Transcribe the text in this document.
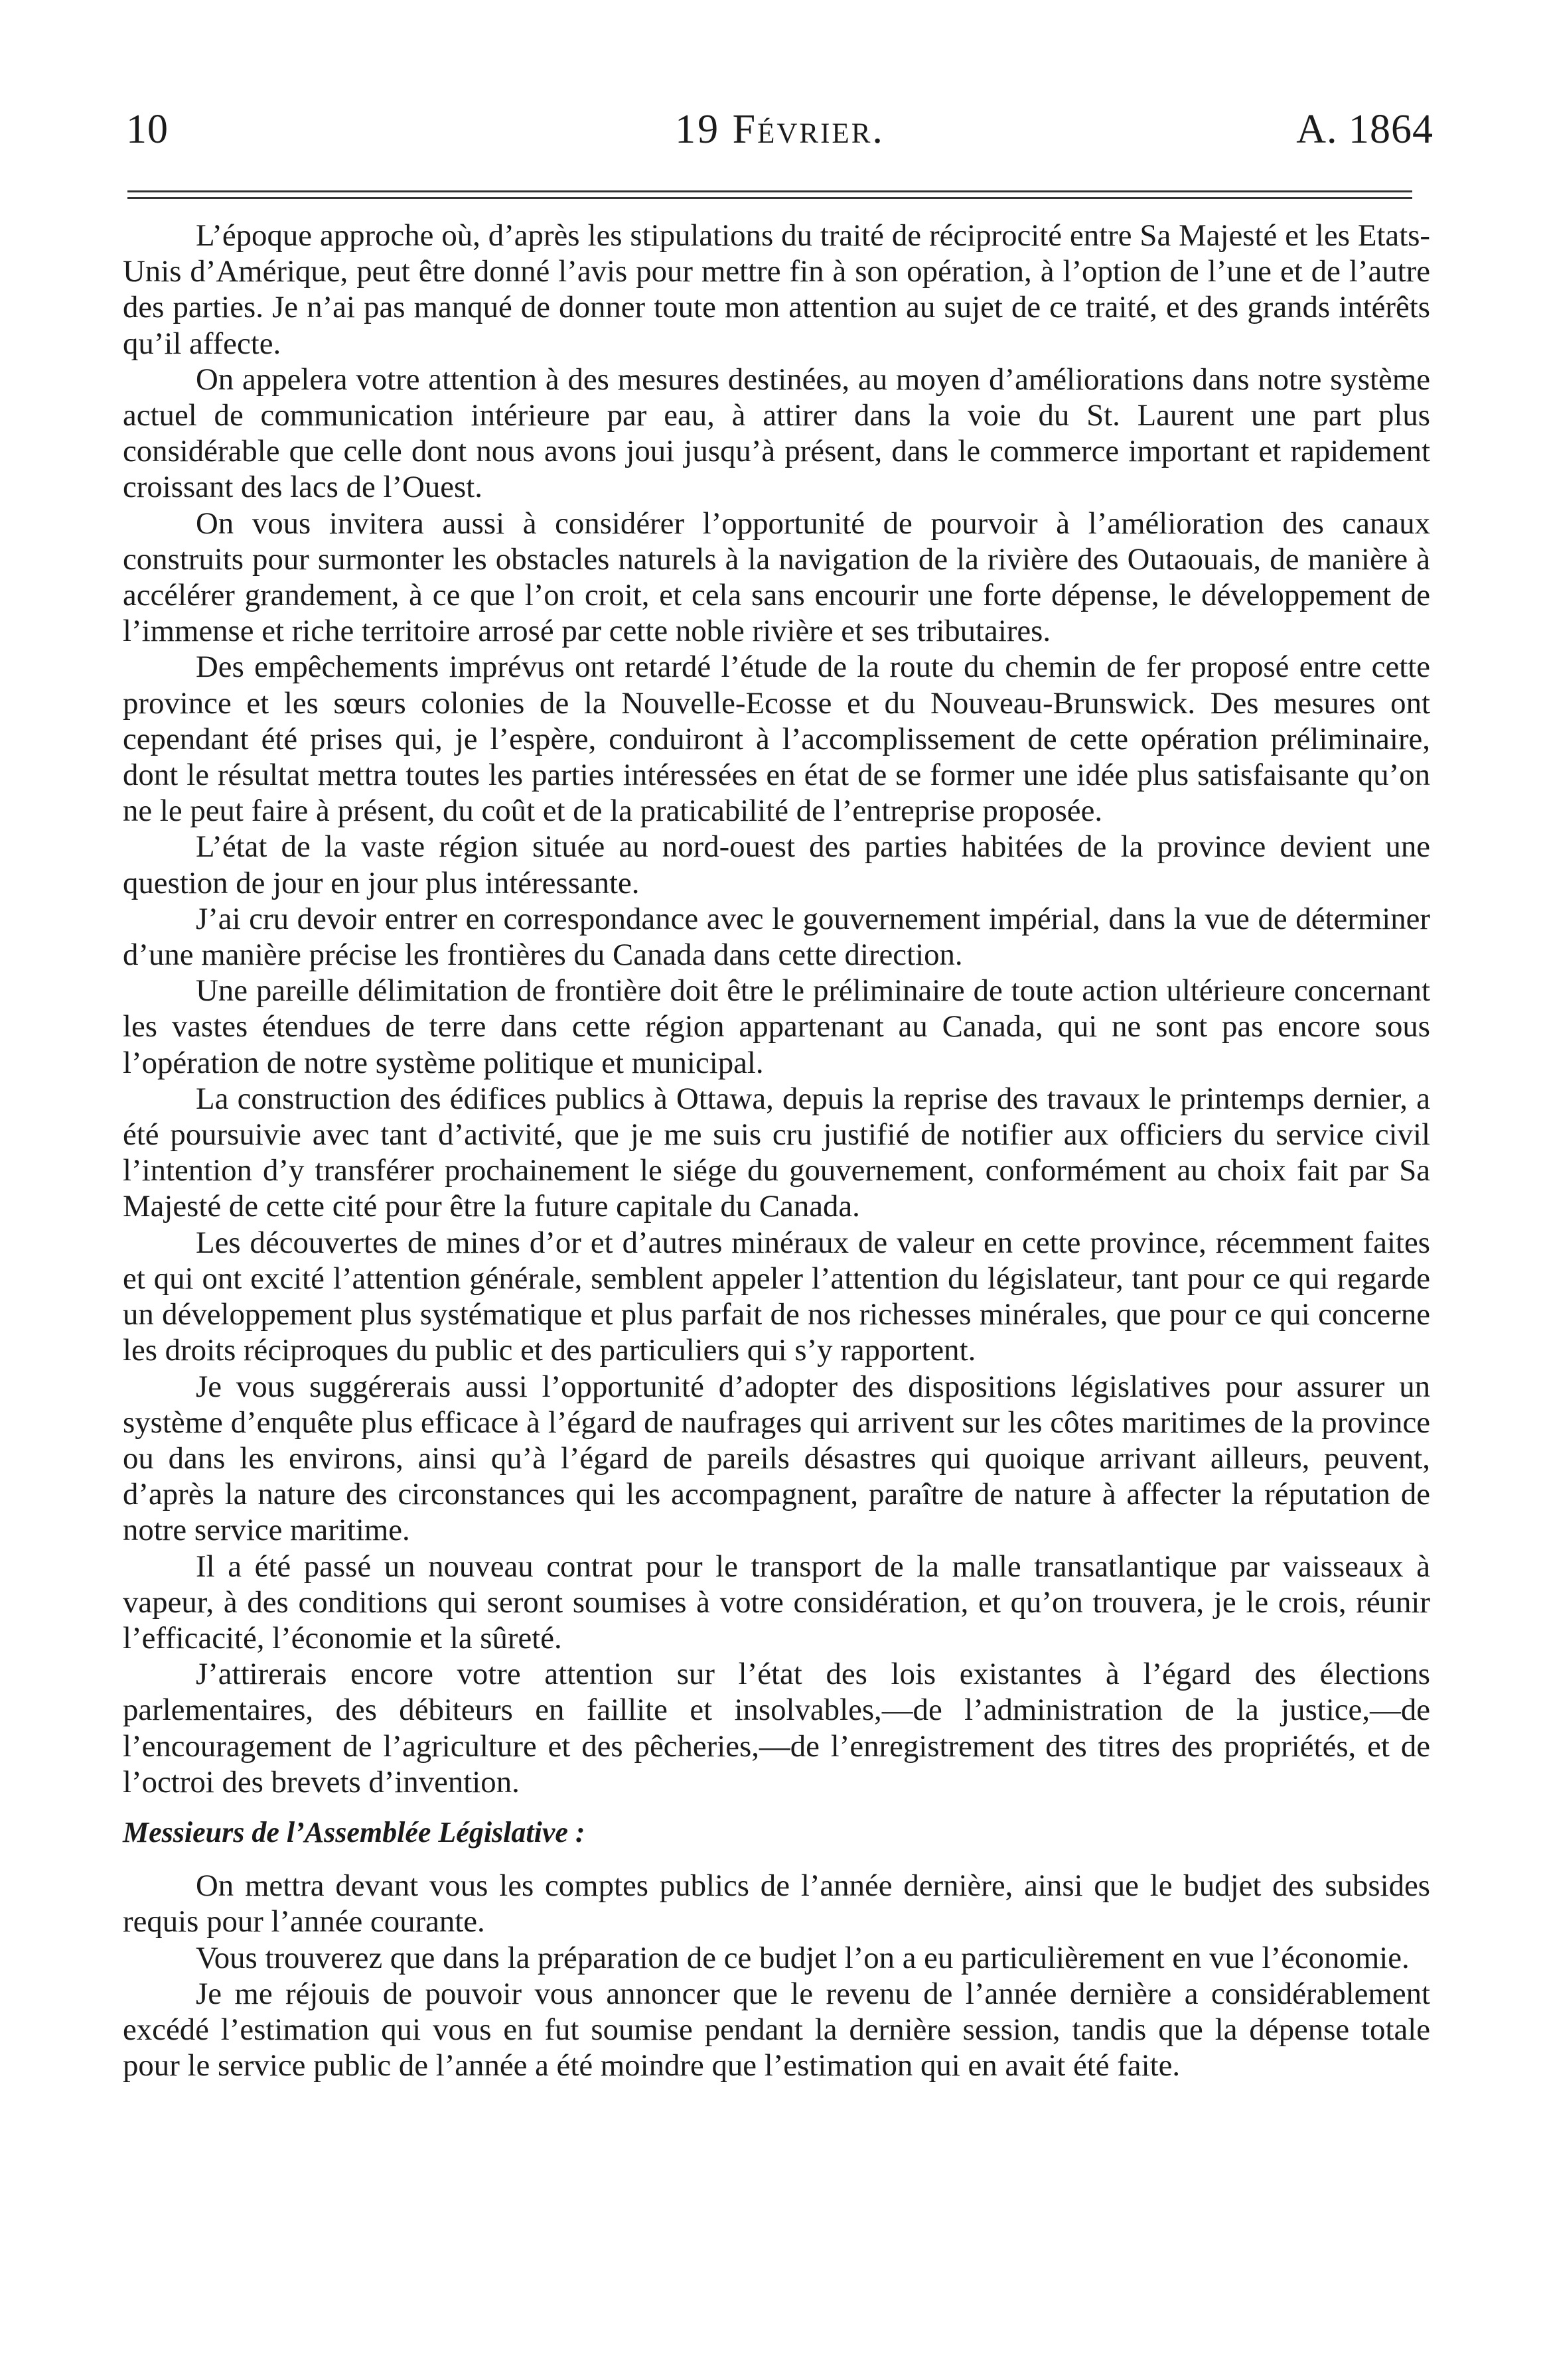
10	19 Février.	A. 1864

L’époque approche où, d’après les stipulations du traité de réciprocité entre Sa Majesté et les Etats-Unis d’Amérique, peut être donné l’avis pour mettre fin à son opération, à l’option de l’une et de l’autre des parties. Je n’ai pas manqué de donner toute mon attention au sujet de ce traité, et des grands intérêts qu’il affecte.

On appelera votre attention à des mesures destinées, au moyen d’améliorations dans notre système actuel de communication intérieure par eau, à attirer dans la voie du St. Laurent une part plus considérable que celle dont nous avons joui jusqu’à présent, dans le commerce important et rapidement croissant des lacs de l’Ouest.

On vous invitera aussi à considérer l’opportunité de pourvoir à l’amélioration des canaux construits pour surmonter les obstacles naturels à la navigation de la rivière des Outaouais, de manière à accélérer grandement, à ce que l’on croit, et cela sans encourir une forte dépense, le développement de l’immense et riche territoire arrosé par cette noble rivière et ses tributaires.

Des empêchements imprévus ont retardé l’étude de la route du chemin de fer proposé entre cette province et les sœurs colonies de la Nouvelle-Ecosse et du Nouveau-Brunswick. Des mesures ont cependant été prises qui, je l’espère, conduiront à l’accomplissement de cette opération préliminaire, dont le résultat mettra toutes les parties intéressées en état de se former une idée plus satisfaisante qu’on ne le peut faire à présent, du coût et de la praticabilité de l’entreprise proposée.

L’état de la vaste région située au nord-ouest des parties habitées de la province devient une question de jour en jour plus intéressante.

J’ai cru devoir entrer en correspondance avec le gouvernement impérial, dans la vue de déterminer d’une manière précise les frontières du Canada dans cette direction.

Une pareille délimitation de frontière doit être le préliminaire de toute action ultérieure concernant les vastes étendues de terre dans cette région appartenant au Canada, qui ne sont pas encore sous l’opération de notre système politique et municipal.

La construction des édifices publics à Ottawa, depuis la reprise des travaux le printemps dernier, a été poursuivie avec tant d’activité, que je me suis cru justifié de notifier aux officiers du service civil l’intention d’y transférer prochainement le siége du gouvernement, conformément au choix fait par Sa Majesté de cette cité pour être la future capitale du Canada.

Les découvertes de mines d’or et d’autres minéraux de valeur en cette province, récemment faites et qui ont excité l’attention générale, semblent appeler l’attention du législateur, tant pour ce qui regarde un développement plus systématique et plus parfait de nos richesses minérales, que pour ce qui concerne les droits réciproques du public et des particuliers qui s’y rapportent.

Je vous suggérerais aussi l’opportunité d’adopter des dispositions législatives pour assurer un système d’enquête plus efficace à l’égard de naufrages qui arrivent sur les côtes maritimes de la province ou dans les environs, ainsi qu’à l’égard de pareils désastres qui quoique arrivant ailleurs, peuvent, d’après la nature des circonstances qui les accompagnent, paraître de nature à affecter la réputation de notre service maritime.

Il a été passé un nouveau contrat pour le transport de la malle transatlantique par vaisseaux à vapeur, à des conditions qui seront soumises à votre considération, et qu’on trouvera, je le crois, réunir l’efficacité, l’économie et la sûreté.

J’attirerais encore votre attention sur l’état des lois existantes à l’égard des élections parlementaires, des débiteurs en faillite et insolvables,—de l’administration de la justice,—de l’encouragement de l’agriculture et des pêcheries,—de l’enregistrement des titres des propriétés, et de l’octroi des brevets d’invention.

Messieurs de l’Assemblée Législative :

On mettra devant vous les comptes publics de l’année dernière, ainsi que le budjet des subsides requis pour l’année courante.

Vous trouverez que dans la préparation de ce budjet l’on a eu particulièrement en vue l’économie.

Je me réjouis de pouvoir vous annoncer que le revenu de l’année dernière a considérablement excédé l’estimation qui vous en fut soumise pendant la dernière session, tandis que la dépense totale pour le service public de l’année a été moindre que l’estimation qui en avait été faite.
